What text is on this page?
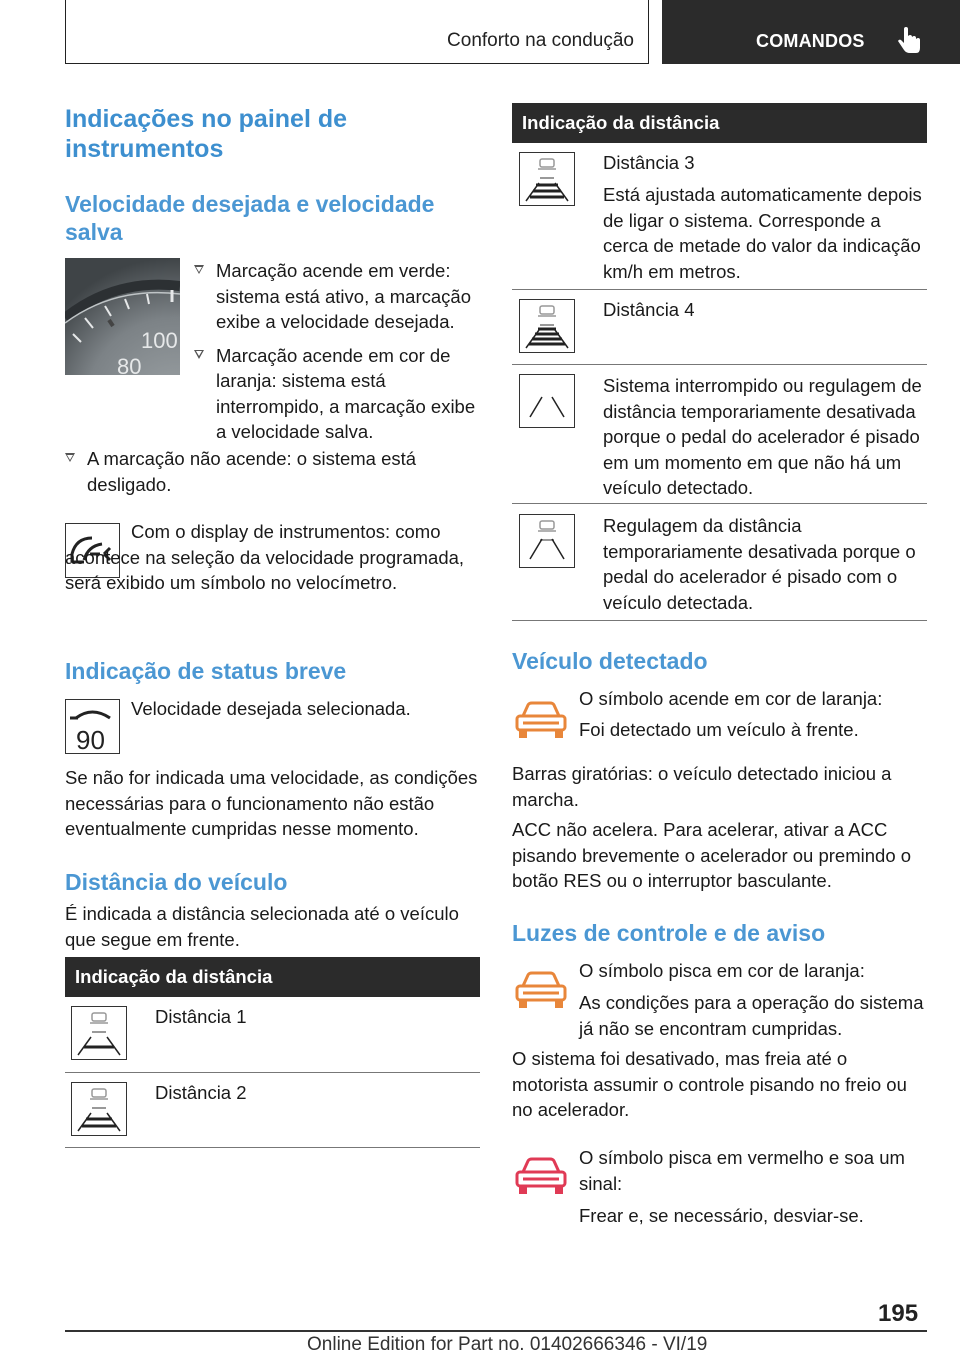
Conforto na condução	COMANDOS
Indicações no painel de instrumentos
Velocidade desejada e velocidade salva
100
80
Marcação acende em verde: sistema está ativo, a marcação exibe a velocidade desejada.
Marcação acende em cor de laranja: sistema está interrompido, a marcação exibe a velocidade salva.
A marcação não acende: o sistema está desligado.
Com o display de instrumentos: como acontece na seleção da velocidade programada, será exibido um símbolo no velocímetro.
Indicação de status breve
90
Velocidade desejada selecionada.
Se não for indicada uma velocidade, as condições necessárias para o funcionamento não estão eventualmente cumpridas nesse momento.
Distância do veículo
É indicada a distância selecionada até o veículo que segue em frente.
Indicação da distância
Distância 1
Distância 2
Indicação da distância
Distância 3
Está ajustada automaticamente depois de ligar o sistema. Corresponde a cerca de metade do valor da indicação km/h em metros.
Distância 4
Sistema interrompido ou regulagem de distância temporariamente desativada porque o pedal do acelerador é pisado em um momento em que não há um veículo detectado.
Regulagem da distância temporariamente desativada porque o pedal do acelerador é pisado com o veículo detectada.
Veículo detectado
O símbolo acende em cor de laranja:
Foi detectado um veículo à frente.
Barras giratórias: o veículo detectado iniciou a marcha.
ACC não acelera. Para acelerar, ativar a ACC pisando brevemente o acelerador ou premindo o botão RES ou o interruptor basculante.
Luzes de controle e de aviso
O símbolo pisca em cor de laranja:
As condições para a operação do sistema já não se encontram cumpridas.
O sistema foi desativado, mas freia até o motorista assumir o controle pisando no freio ou no acelerador.
O símbolo pisca em vermelho e soa um sinal:
Frear e, se necessário, desviar-se.
195
Online Edition for Part no. 01402666346 - VI/19
